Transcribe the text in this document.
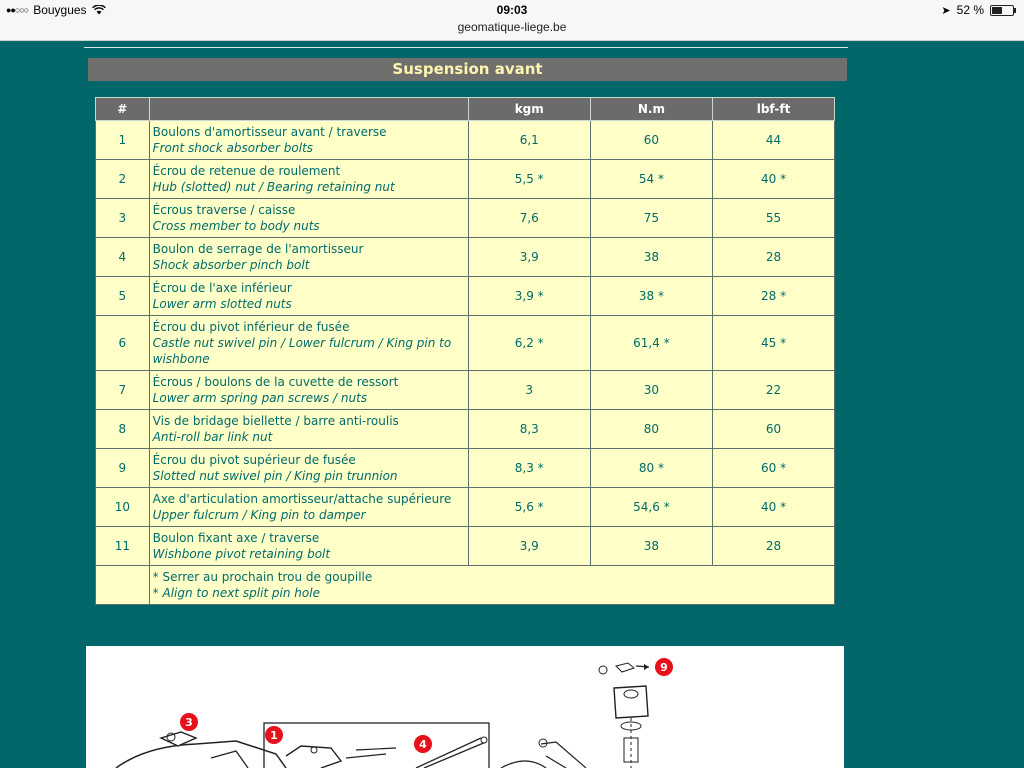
●●○○○ Bouygues	09:03
geomatique-liege.be
➤ 52 %
Suspension avant
#		kgm	N.m	lbf-ft
1	Boulons d'amortisseur avant / traverse
Front shock absorber bolts	6,1	60	44
2	Écrou de retenue de roulement
Hub (slotted) nut / Bearing retaining nut	5,5 *	54 *	40 *
3	Écrous traverse / caisse
Cross member to body nuts	7,6	75	55
4	Boulon de serrage de l'amortisseur
Shock absorber pinch bolt	3,9	38	28
5	Écrou de l'axe inférieur
Lower arm slotted nuts	3,9 *	38 *	28 *
6	Écrou du pivot inférieur de fusée
Castle nut swivel pin / Lower fulcrum / King pin to wishbone	6,2 *	61,4 *	45 *
7	Écrous / boulons de la cuvette de ressort
Lower arm spring pan screws / nuts	3	30	22
8	Vis de bridage biellette / barre anti-roulis
Anti-roll bar link nut	8,3	80	60
9	Écrou du pivot supérieur de fusée
Slotted nut swivel pin / King pin trunnion	8,3 *	80 *	60 *
10	Axe d'articulation amortisseur/attache supérieure
Upper fulcrum / King pin to damper	5,6 *	54,6 *	40 *
11	Boulon fixant axe / traverse
Wishbone pivot retaining bolt	3,9	38	28

	* Serrer au prochain trou de goupille
* Align to next split pin hole			
9
3
1
4
